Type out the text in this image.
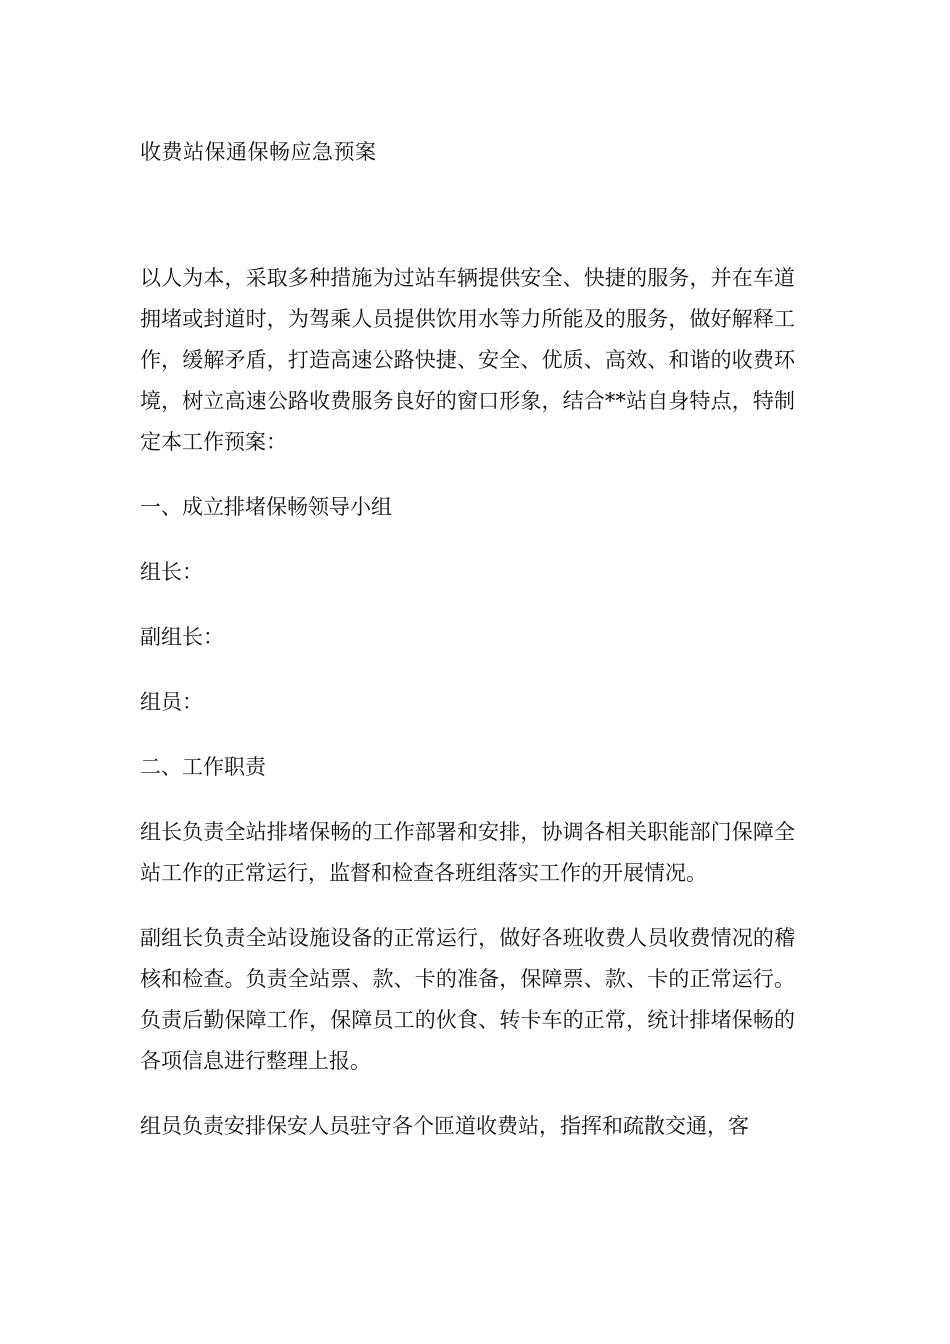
收费站保通保畅应急预案

以人为本，采取多种措施为过站车辆提供安全、快捷的服务，并在车道拥堵或封道时，为驾乘人员提供饮用水等力所能及的服务，做好解释工作，缓解矛盾，打造高速公路快捷、安全、优质、高效、和谐的收费环境，树立高速公路收费服务良好的窗口形象，结合**站自身特点，特制定本工作预案：

一、成立排堵保畅领导小组

组长：

副组长：

组员：

二、工作职责

组长负责全站排堵保畅的工作部署和安排，协调各相关职能部门保障全站工作的正常运行，监督和检查各班组落实工作的开展情况。

副组长负责全站设施设备的正常运行，做好各班收费人员收费情况的稽核和检查。负责全站票、款、卡的准备，保障票、款、卡的正常运行。负责后勤保障工作，保障员工的伙食、转卡车的正常，统计排堵保畅的各项信息进行整理上报。

组员负责安排保安人员驻守各个匝道收费站，指挥和疏散交通，客
